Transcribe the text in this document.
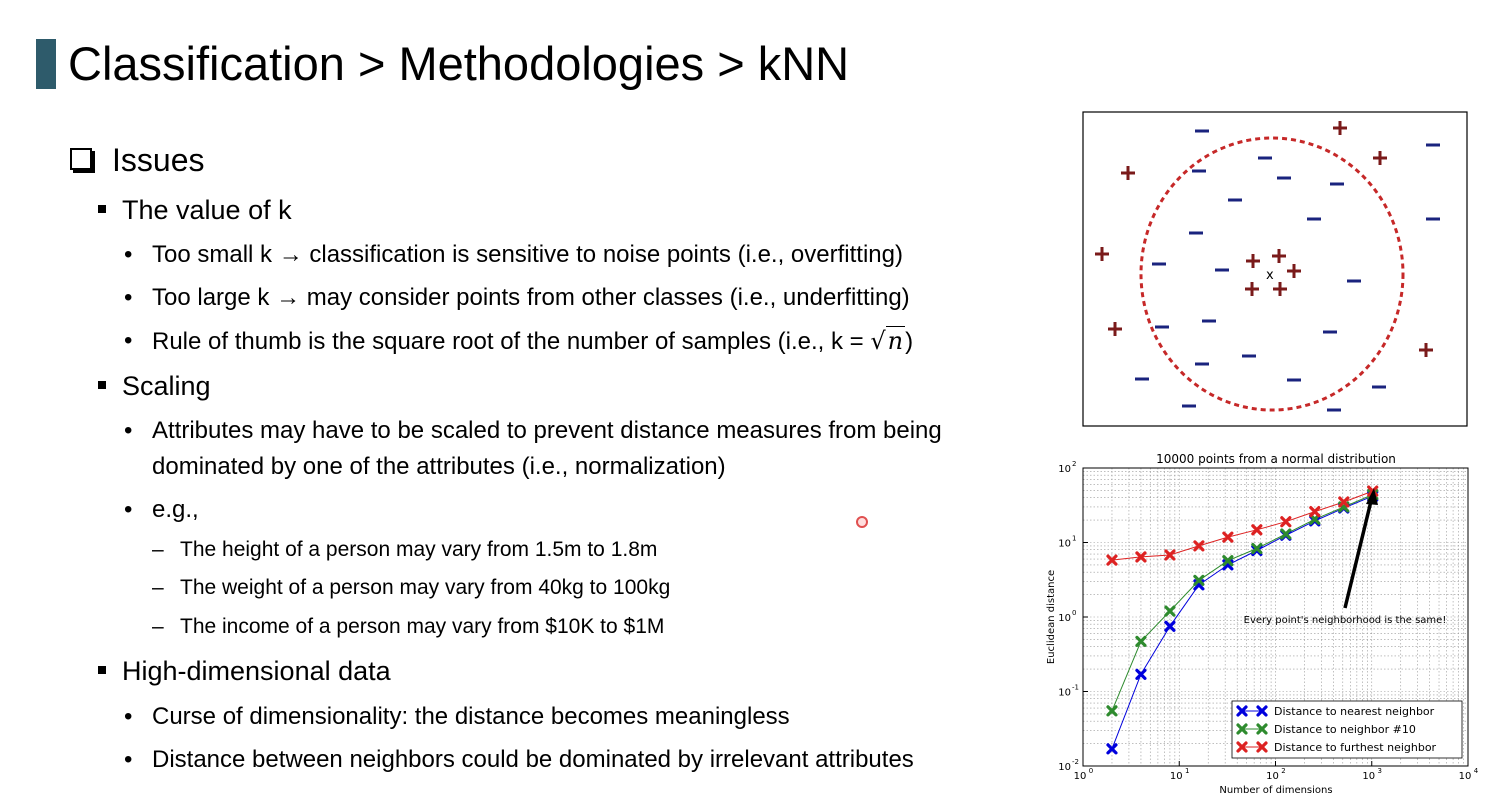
Classification > Methodologies > kNN
Issues
The value of k
• Too small k → classification is sensitive to noise points (i.e., overfitting)
• Too large k → may consider points from other classes (i.e., underfitting)
• Rule of thumb is the square root of the number of samples (i.e., k = √n)
Scaling
• Attributes may have to be scaled to prevent distance measures from being
dominated by one of the attributes (i.e., normalization)
• e.g.,
– The height of a person may vary from 1.5m to 1.8m
– The weight of a person may vary from 40kg to 100kg
– The income of a person may vary from $10K to $1M
High-dimensional data
• Curse of dimensionality: the distance becomes meaningless
• Distance between neighbors could be dominated by irrelevant attributes
x
10000 points from a normal distribution
10 0	10 1	10 2	10 3	10 4
10 -2
10 -1
10 0
10 1
10 2
Every point's neighborhood is the same!
Number of dimensions
Euclidean distance
Distance to nearest neighbor
Distance to neighbor #10
Distance to furthest neighbor
